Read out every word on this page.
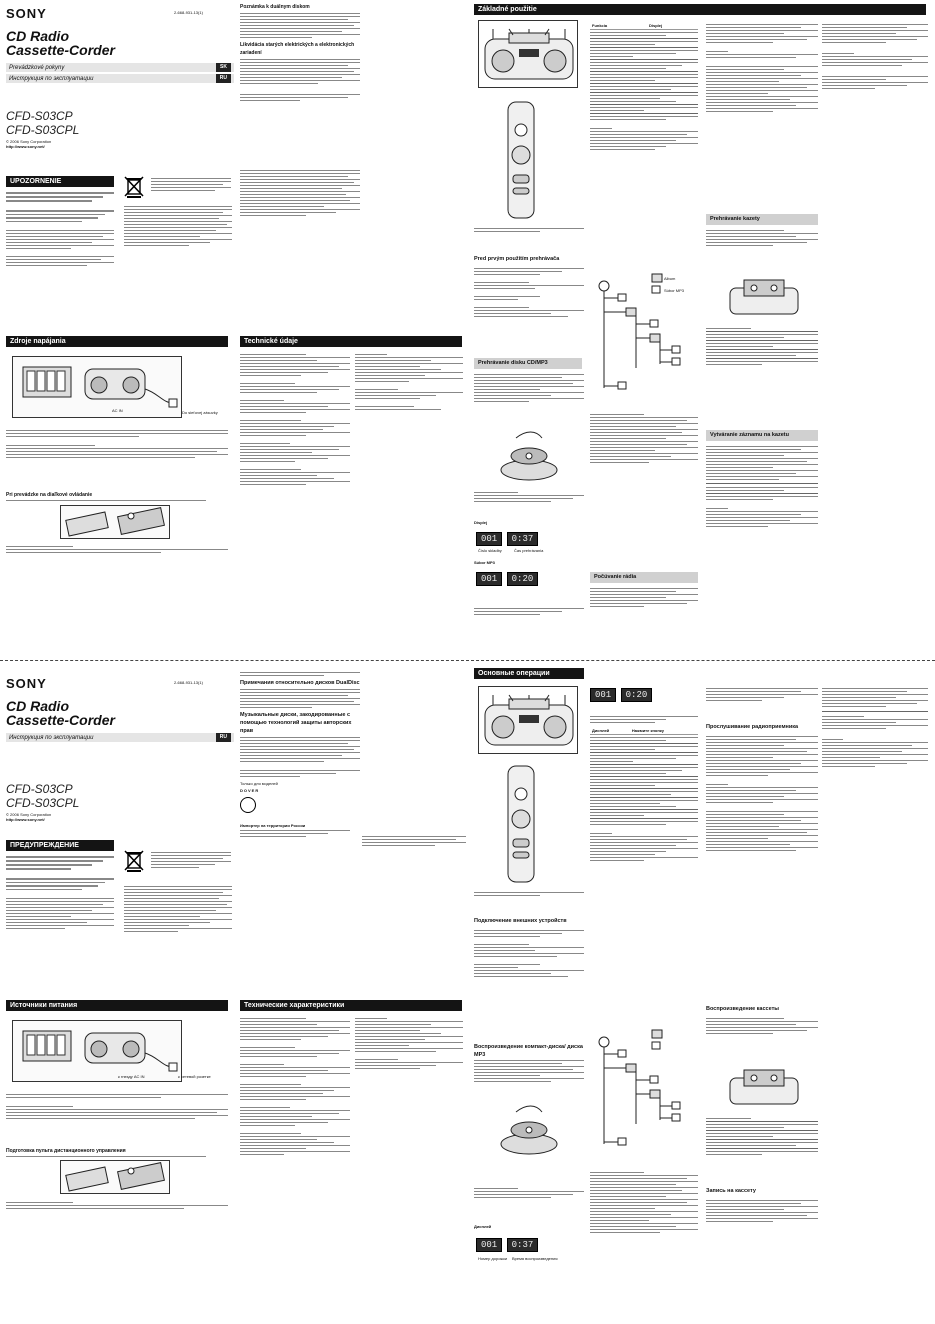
SONY	2-668-931-13(1)
CD Radio
Cassette-Corder
Prevádzkové pokyny	SK
Инструкция по эксплуатации	RU
CFD-S03CP
CFD-S03CPL
© 2006 Sony Corporation
http://www.sony.net/
UPOZORNENIE
Poznámka k duálnym diskom
Likvidácia starých elektrických a elektronických zariadení
Zdroje napájania	Technické údaje
AC IN	Do sieťovej zásuvky
Pri prevádzke na diaľkové ovládanie
Základné použitie
Pred prvým použitím prehrávača
Prehrávanie disku CD/MP3
Displej
001 0:37
Číslo skladby	Čas prehrávania
Súbor MP3
001 0:20
Funkcia	Displej
Album
Súbor MP3
Počúvanie rádia
Prehrávanie kazety
Vytváranie záznamu na kazetu
SONY	2-668-931-13(1)
CD Radio
Cassette-Corder
Инструкция по эксплуатации	RU
CFD-S03CP
CFD-S03CPL
© 2006 Sony Corporation
http://www.sony.net/
ПРЕДУПРЕЖДЕНИЕ
Примечания относительно дисков DualDisc
Музыкальные диски, закодированные с помощью технологий защиты авторских прав
Только для моделей
DOVER
Импортер на территории России
Источники питания	Технические характеристики
к гнезду AC IN	к сетевой розетке
Подготовка пульта дистанционного управления
Основные операции
Подключение внешних устройств
Воспроизведение компакт-диска/ диска MP3
Дисплей
001 0:37
Номер дорожки Время воспроизведения
001 0:20
Дисплей	Нажмите кнопку
Прослушивание радиоприемника
Воспроизведение кассеты
Запись на кассету
